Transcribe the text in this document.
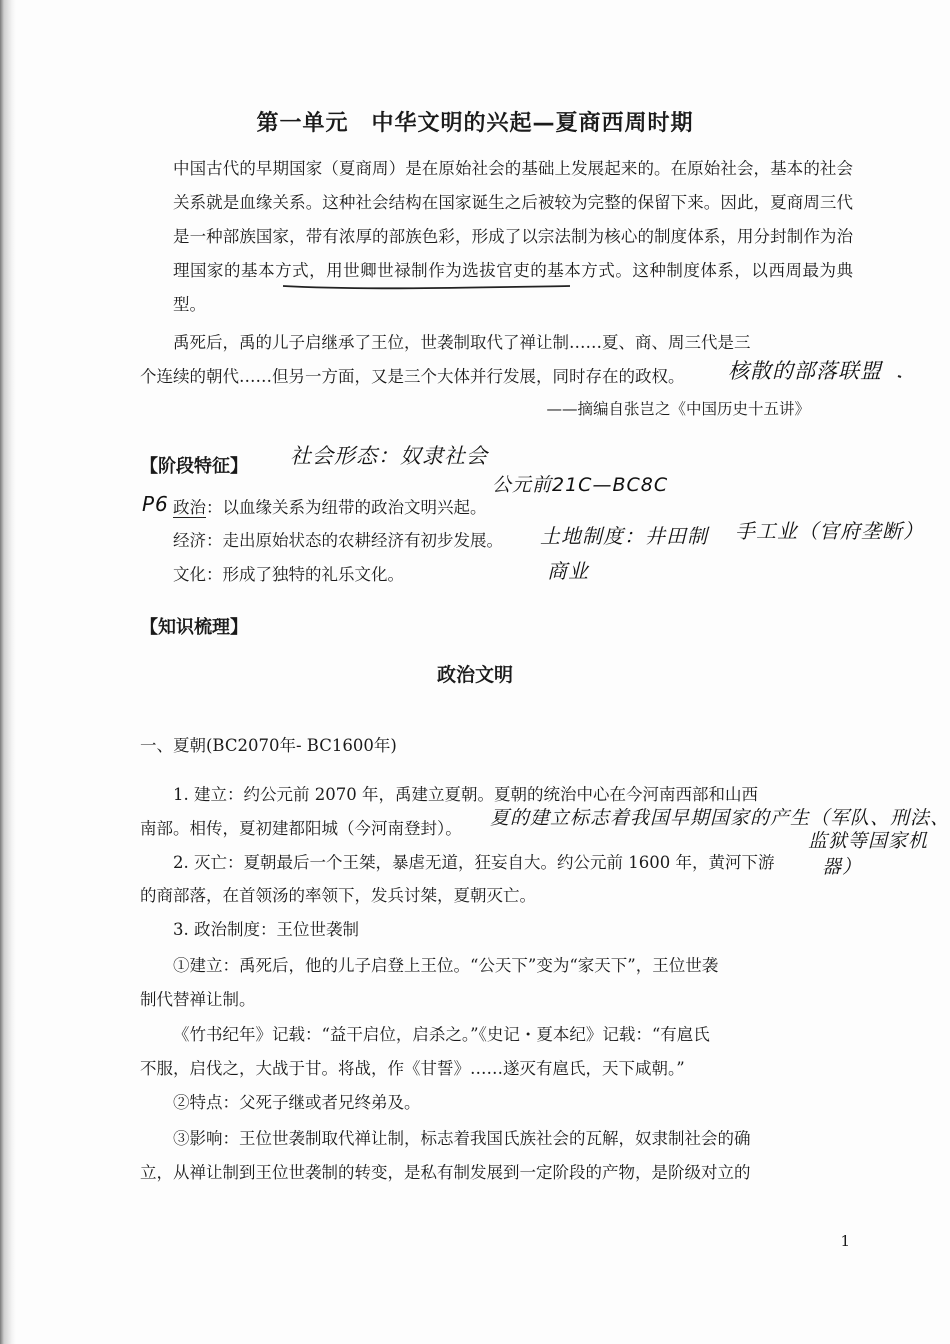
第一单元　中华文明的兴起—夏商西周时期
中国古代的早期国家（夏商周）是在原始社会的基础上发展起来的。在原始社会，基本的社会关系就是血缘关系。这种社会结构在国家诞生之后被较为完整的保留下来。因此，夏商周三代是一种部族国家，带有浓厚的部族色彩，形成了以宗法制为核心的制度体系，用分封制作为治理国家的基本方式，用世卿世禄制作为选拔官吏的基本方式。这种制度体系，以西周最为典型。
禹死后，禹的儿子启继承了王位，世袭制取代了禅让制……夏、商、周三代是三
个连续的朝代……但另一方面，又是三个大体并行发展，同时存在的政权。
——摘编自张岂之《中国历史十五讲》
【阶段特征】
政治：以血缘关系为纽带的政治文明兴起。
经济：走出原始状态的农耕经济有初步发展。
文化：形成了独特的礼乐文化。
【知识梳理】
政治文明
一、夏朝(BC2070年- BC1600年)
1. 建立：约公元前 2070 年，禹建立夏朝。夏朝的统治中心在今河南西部和山西
南部。相传，夏初建都阳城（今河南登封）。
2. 灭亡：夏朝最后一个王桀，暴虐无道，狂妄自大。约公元前 1600 年，黄河下游
的商部落，在首领汤的率领下，发兵讨桀，夏朝灭亡。
3. 政治制度：王位世袭制
①建立：禹死后，他的儿子启登上王位。“公天下”变为“家天下”，王位世袭
制代替禅让制。
《竹书纪年》记载：“益干启位，启杀之。”《史记・夏本纪》记载：“有扈氏
不服，启伐之，大战于甘。将战，作《甘誓》……遂灭有扈氏，天下咸朝。”
②特点：父死子继或者兄终弟及。
③影响：王位世袭制取代禅让制，标志着我国氏族社会的瓦解，奴隶制社会的确
立，从禅让制到王位世袭制的转变，是私有制发展到一定阶段的产物，是阶级对立的
核散的部落联盟
社会形态：奴隶社会
公元前21C—BC8C
P6
土地制度：井田制 手工业（官府垄断）
商业
夏的建立标志着我国早期国家的产生（军队、刑法、
监狱等国家机
器）
1
